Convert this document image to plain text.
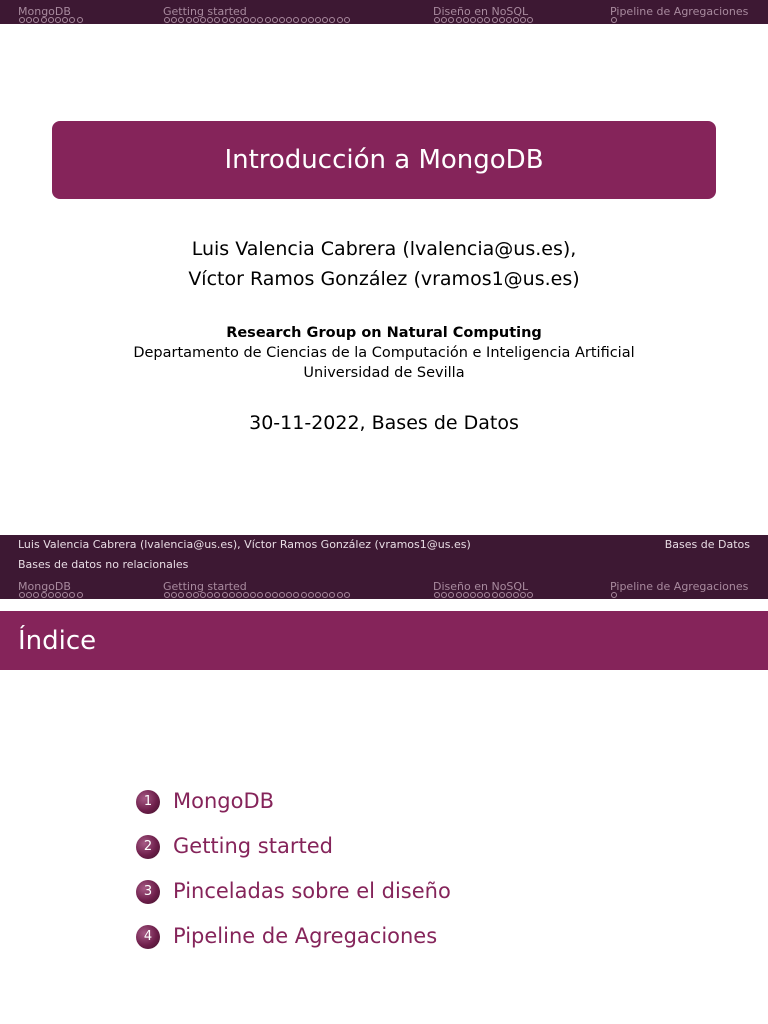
MongoDB	Getting started	Diseño en NoSQL	Pipeline de Agregaciones
Introducción a MongoDB
Luis Valencia Cabrera (lvalencia@us.es),
Víctor Ramos González (vramos1@us.es)
Research Group on Natural Computing
Departamento de Ciencias de la Computación e Inteligencia Artificial
Universidad de Sevilla
30-11-2022, Bases de Datos
Luis Valencia Cabrera (lvalencia@us.es), Víctor Ramos González (vramos1@us.es)	Bases de Datos
Bases de datos no relacionales
MongoDB	Getting started	Diseño en NoSQL	Pipeline de Agregaciones
Índice
1 MongoDB
2 Getting started
3 Pinceladas sobre el diseño
4 Pipeline de Agregaciones
